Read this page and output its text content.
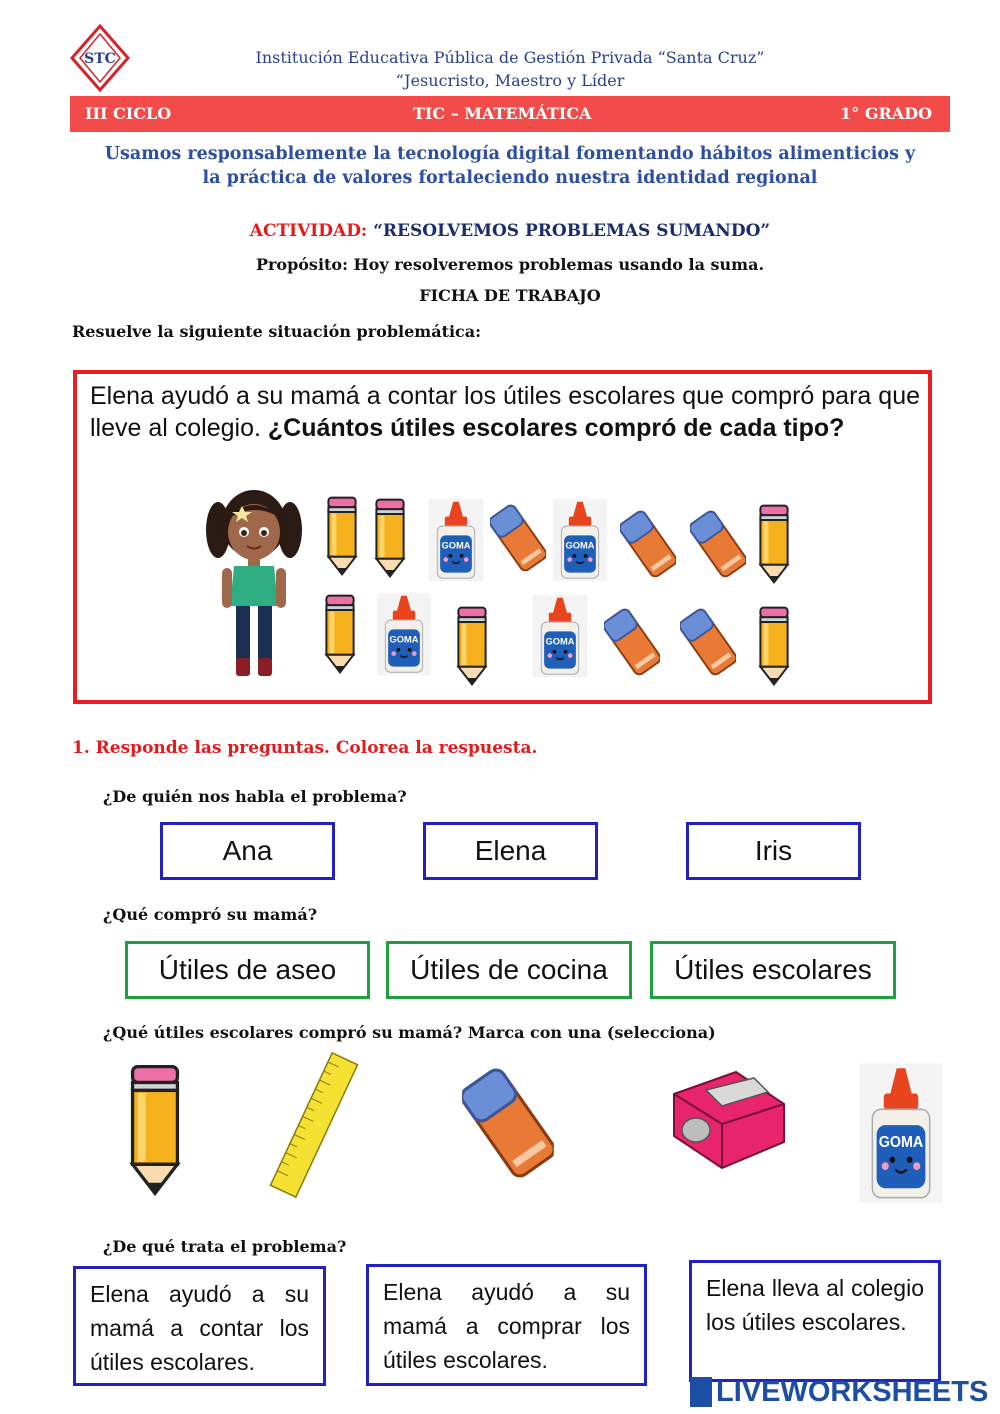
STC	Institución Educativa Pública de Gestión Privada “Santa Cruz”
“Jesucristo, Maestro y Líder
III CICLO	TIC – MATEMÁTICA	1° GRADO
Usamos responsablemente la tecnología digital fomentando hábitos alimenticios y
la práctica de valores fortaleciendo nuestra identidad regional
ACTIVIDAD: “RESOLVEMOS PROBLEMAS SUMANDO”
Propósito: Hoy resolveremos problemas usando la suma.
FICHA DE TRABAJO
Resuelve la siguiente situación problemática:
Elena ayudó a su mamá a contar los útiles escolares que compró para que lleve al colegio. ¿Cuántos útiles escolares compró de cada tipo?
1. Responde las preguntas. Colorea la respuesta.
¿De quién nos habla el problema?
Ana	Elena	Iris
¿Qué compró su mamá?
Útiles de aseo	Útiles de cocina	Útiles escolares
¿Qué útiles escolares compró su mamá? Marca con una (selecciona)
¿De qué trata el problema?
Elena ayudó a su mamá a contar los útiles escolares.
Elena ayudó a su mamá a comprar los útiles escolares.
Elena lleva al colegio los útiles escolares.
LIVEWORKSHEETS
